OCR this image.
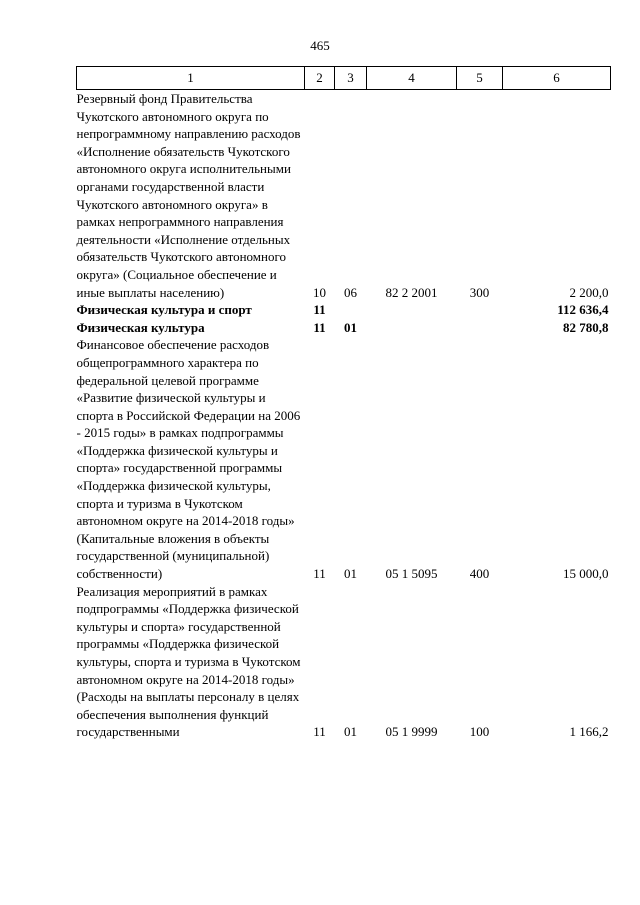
465
1	2	3	4	5	6
Резервный фонд Правительства Чукотского автономного округа по непрограммному направлению расходов «Исполнение обязательств Чукотского автономного округа исполнительными органами государственной власти Чукотского автономного округа» в рамках непрограммного направления деятельности «Исполнение отдельных обязательств Чукотского автономного округа» (Социальное обеспечение и иные выплаты населению)	10	06	82 2 2001	300	2 200,0
Физическая культура и спорт	11				112 636,4
Физическая культура	11	01			82 780,8
Финансовое обеспечение расходов общепрограммного характера по федеральной целевой программе «Развитие физической культуры и спорта в Российской Федерации на 2006 - 2015 годы» в рамках подпрограммы «Поддержка физической культуры и спорта» государственной программы «Поддержка физической культуры, спорта и туризма в Чукотском автономном округе на 2014-2018 годы» (Капитальные вложения в объекты государственной (муниципальной) собственности)	11	01	05 1 5095	400	15 000,0
Реализация мероприятий в рамках подпрограммы «Поддержка физической культуры и спорта» государственной программы «Поддержка физической культуры, спорта и туризма в Чукотском автономном округе на 2014-2018 годы» (Расходы на выплаты персоналу в целях обеспечения выполнения функций государственными	11	01	05 1 9999	100	1 166,2
